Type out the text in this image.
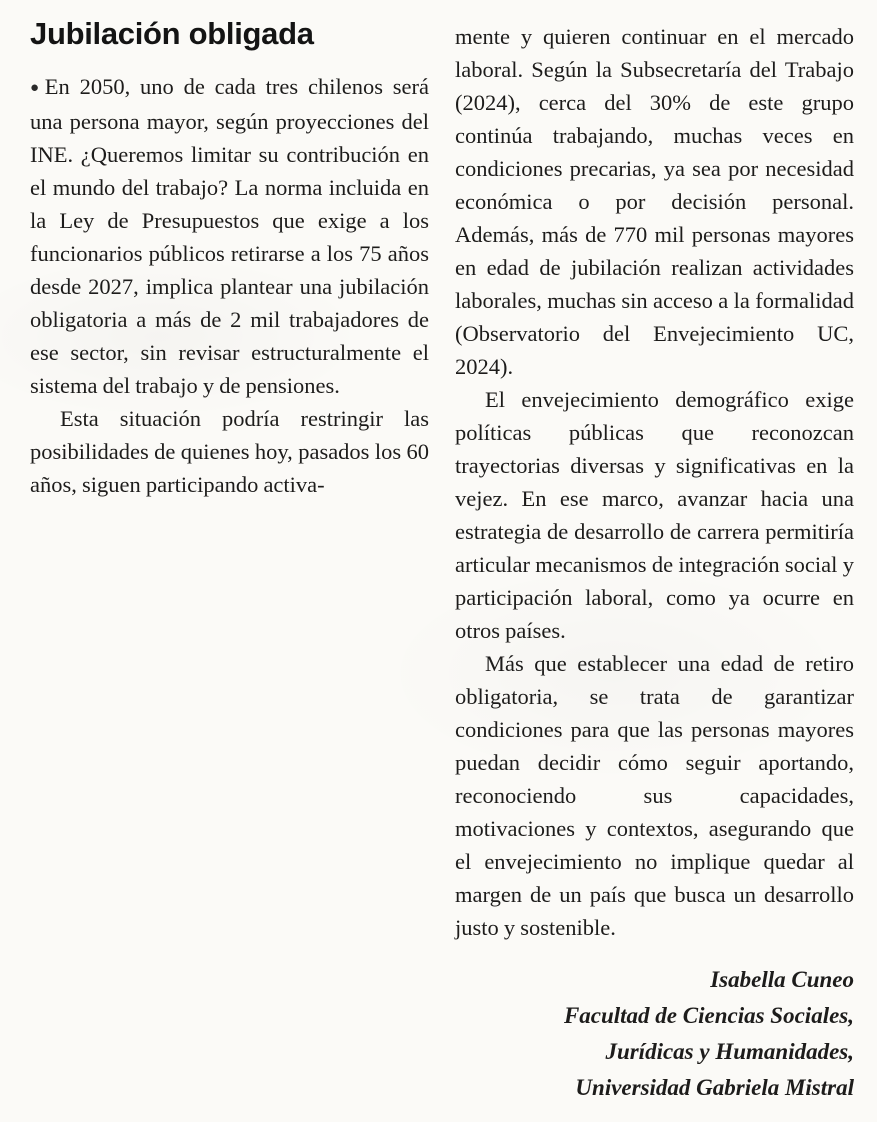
Jubilación obligada

●En 2050, uno de cada tres chilenos será una persona mayor, según proyecciones del INE. ¿Queremos limitar su contribución en el mundo del trabajo? La norma incluida en la Ley de Presupuestos que exige a los funcionarios públicos retirarse a los 75 años desde 2027, implica plantear una jubilación obligatoria a más de 2 mil trabajadores de ese sector, sin revisar estructuralmente el sistema del trabajo y de pensiones.

Esta situación podría restringir las posibilidades de quienes hoy, pasados los 60 años, siguen participando activa-

mente y quieren continuar en el mercado laboral. Según la Subsecretaría del Trabajo (2024), cerca del 30% de este grupo continúa trabajando, muchas veces en condiciones precarias, ya sea por necesidad económica o por decisión personal. Además, más de 770 mil personas mayores en edad de jubilación realizan actividades laborales, muchas sin acceso a la formalidad (Observatorio del Envejecimiento UC, 2024).

El envejecimiento demográfico exige políticas públicas que reconozcan trayectorias diversas y significativas en la vejez. En ese marco, avanzar hacia una estrategia de desarrollo de carrera permitiría articular mecanismos de integración social y participación laboral, como ya ocurre en otros países.

Más que establecer una edad de retiro obligatoria, se trata de garantizar condiciones para que las personas mayores puedan decidir cómo seguir aportando, reconociendo sus capacidades, motivaciones y contextos, asegurando que el envejecimiento no implique quedar al margen de un país que busca un desarrollo justo y sostenible.

Isabella Cuneo
Facultad de Ciencias Sociales,
Jurídicas y Humanidades,
Universidad Gabriela Mistral
